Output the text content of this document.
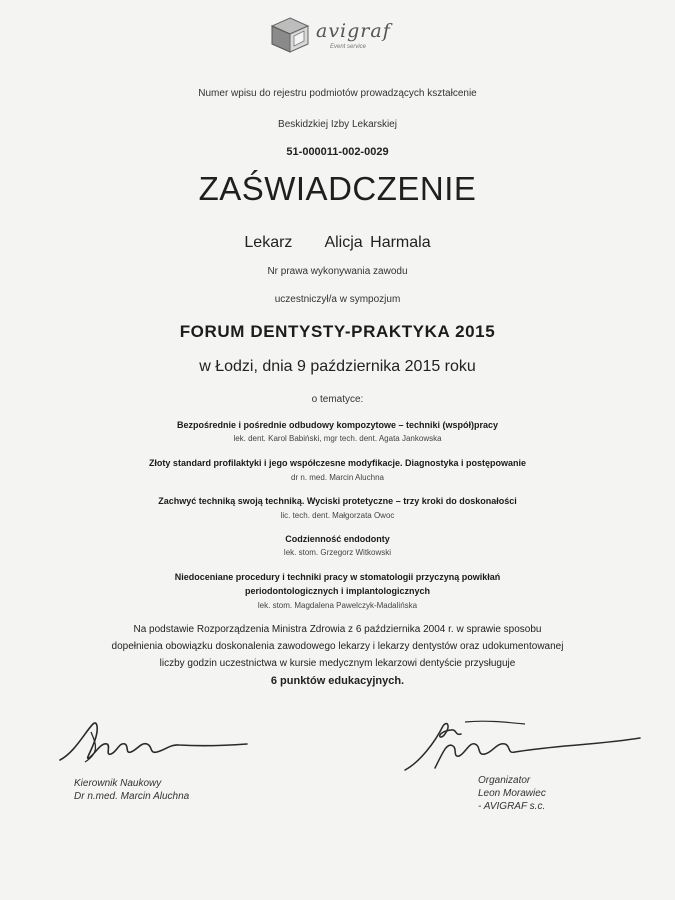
avigraf
Event service
Numer wpisu do rejestru podmiotów prowadzących kształcenie
Beskidzkiej Izby Lekarskiej
51-000011-002-0029
ZAŚWIADCZENIE
Lekarz Alicja Harmala
Nr prawa wykonywania zawodu
uczestniczył/a w sympozjum
FORUM DENTYSTY-PRAKTYKA 2015
w Łodzi, dnia 9 października 2015 roku
o tematyce:
Bezpośrednie i pośrednie odbudowy kompozytowe – techniki (współ)pracy
lek. dent. Karol Babiński, mgr tech. dent. Agata Jankowska
Złoty standard profilaktyki i jego współczesne modyfikacje. Diagnostyka i postępowanie
dr n. med. Marcin Aluchna
Zachwyć techniką swoją techniką. Wyciski protetyczne – trzy kroki do doskonałości
lic. tech. dent. Małgorzata Owoc
Codzienność endodonty
lek. stom. Grzegorz Witkowski
Niedoceniane procedury i techniki pracy w stomatologii przyczyną powikłań
periodontologicznych i implantologicznych
lek. stom. Magdalena Pawelczyk-Madalińska
Na podstawie Rozporządzenia Ministra Zdrowia z 6 października 2004 r. w sprawie sposobu
dopełnienia obowiązku doskonalenia zawodowego lekarzy i lekarzy dentystów oraz udokumentowanej
liczby godzin uczestnictwa w kursie medycznym lekarzowi dentyście przysługuje
6 punktów edukacyjnych.
Kierownik Naukowy
Dr n.med. Marcin Aluchna
Organizator
Leon Morawiec
- AVIGRAF s.c.
